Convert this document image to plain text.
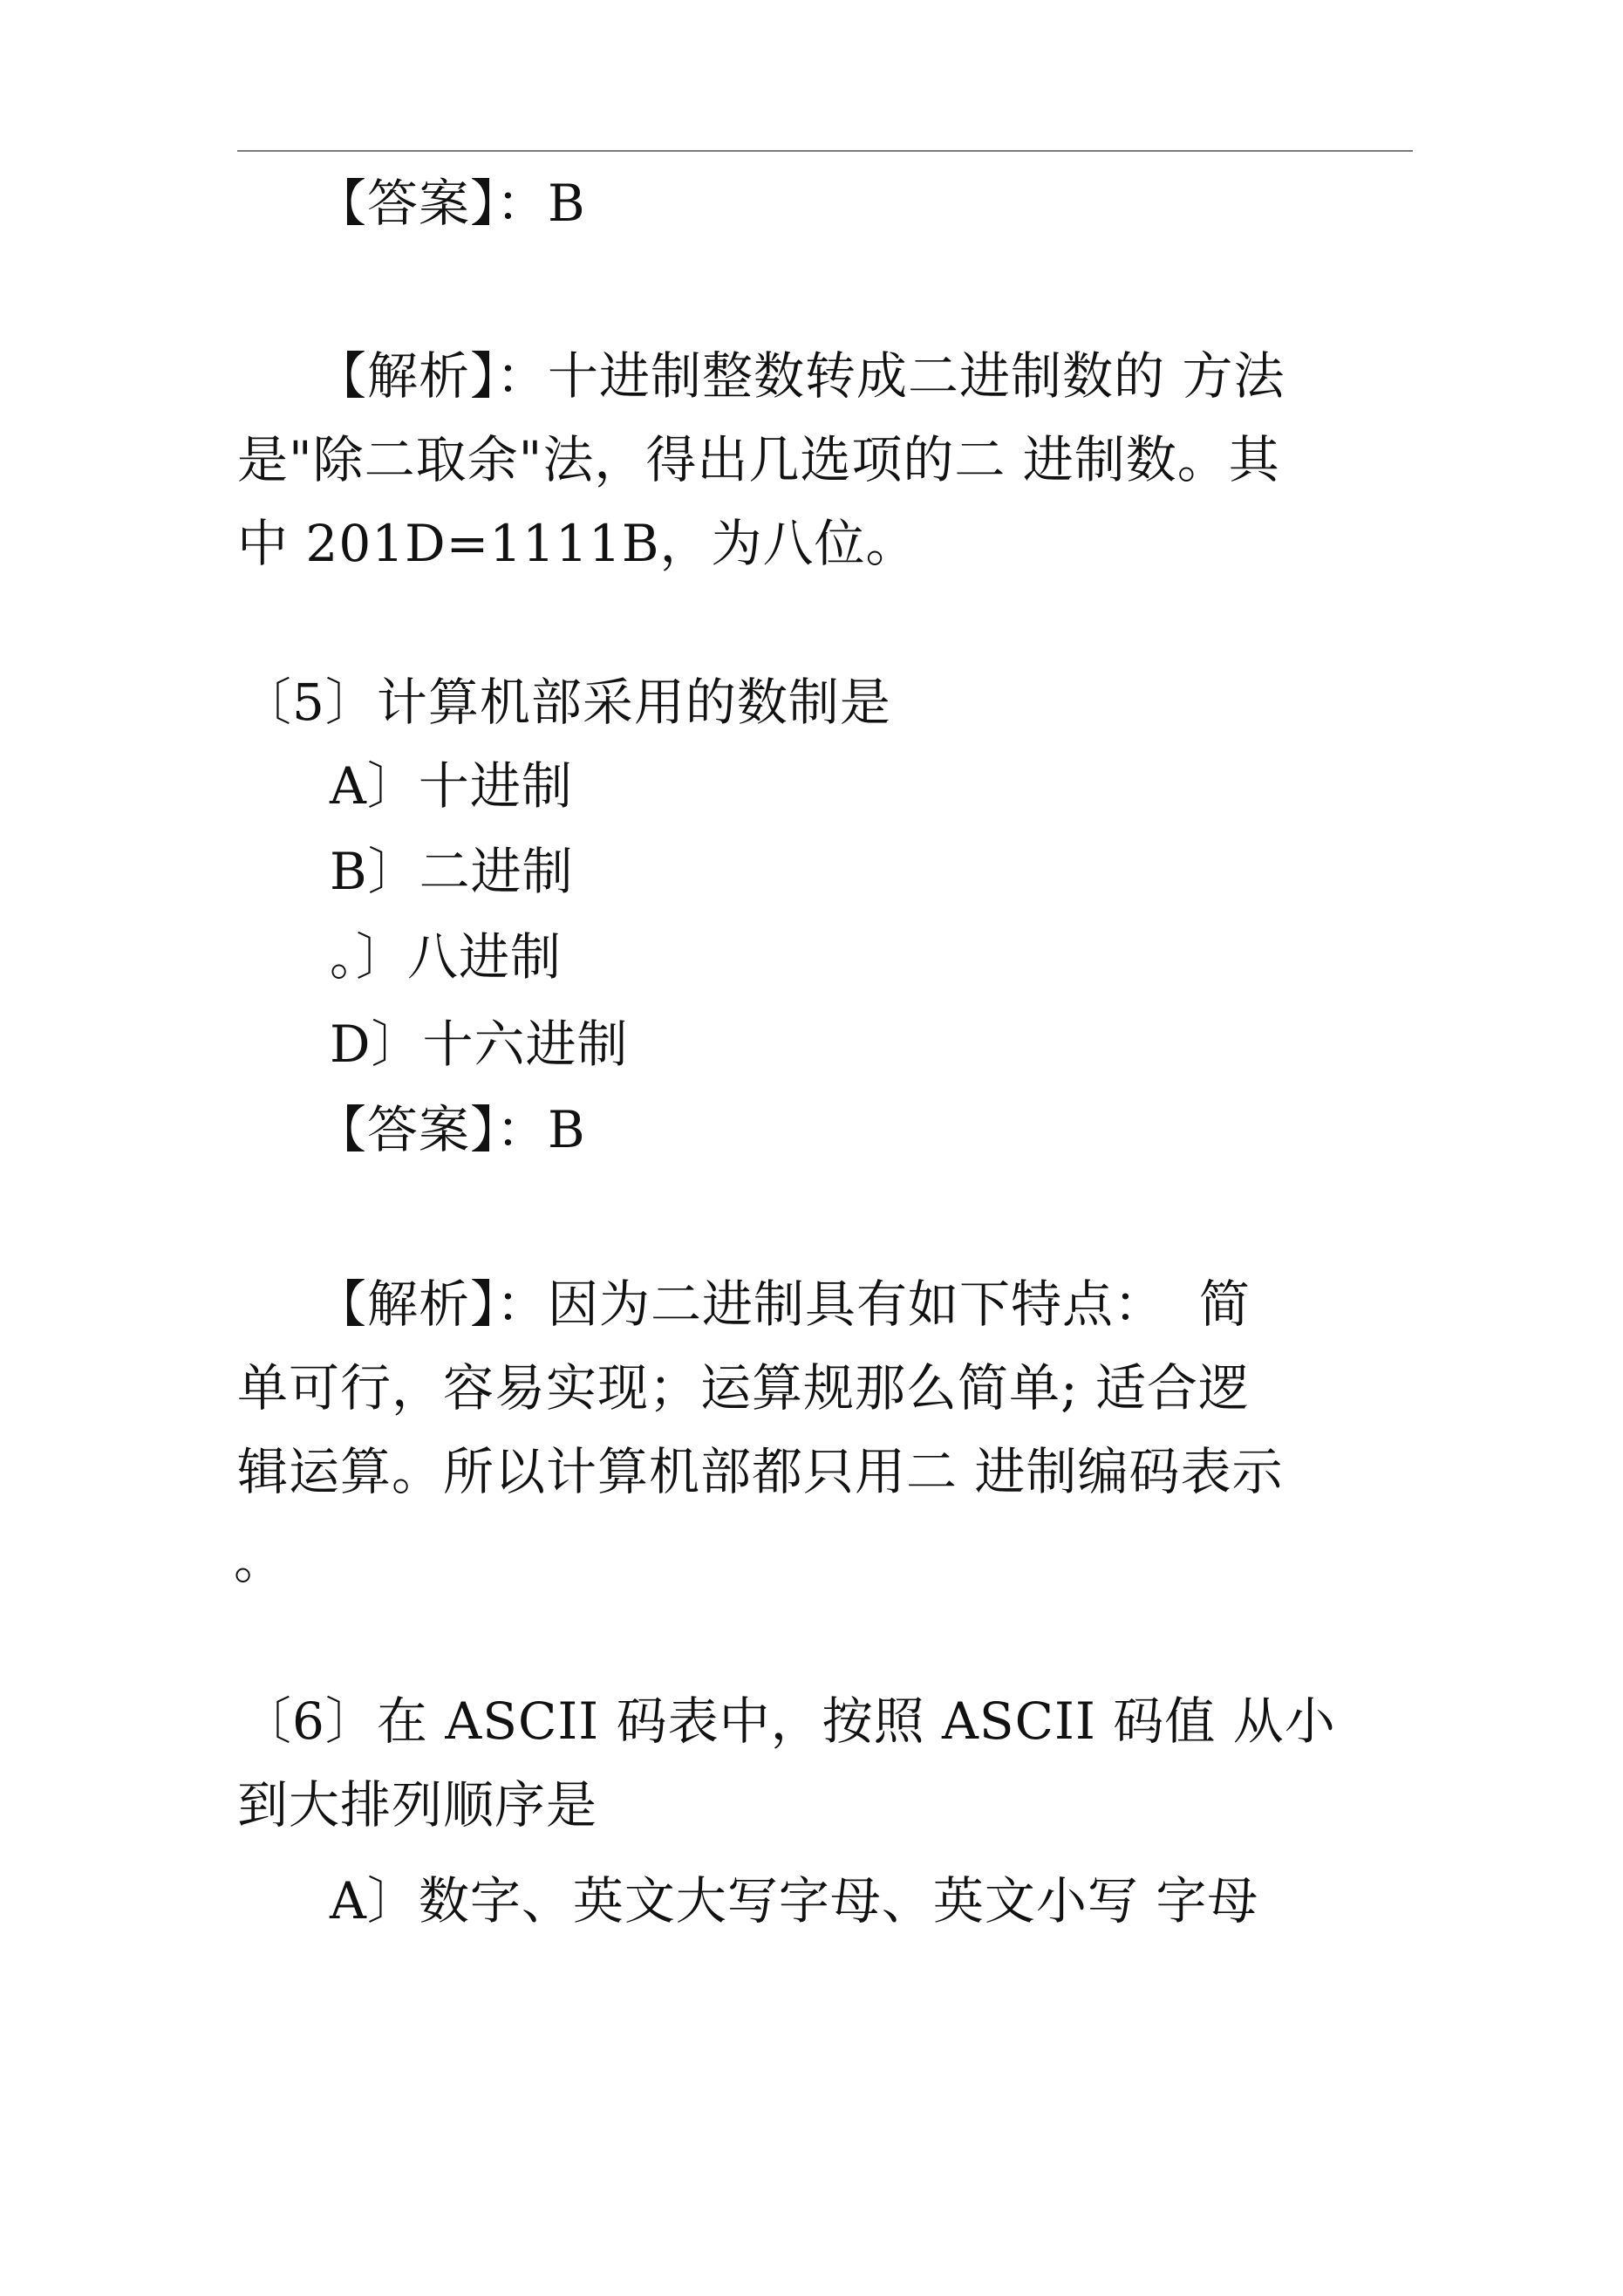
【答案】：B
【解析】：十进制整数转成二进制数的 方法
是"除二取余"法，得出几选项的二 进制数。其
中 201D=1111B，为八位。
〔5〕计算机部采用的数制是
A〕十进制
B〕二进制
。〕八进制
D〕十六进制
【答案】：B
【解析】：因为二进制具有如下特点：  简
单可行，容易实现；运算规那么简单; 适合逻
辑运算。所以计算机部都只用二 进制编码表示
。
〔6〕在 ASCII 码表中，按照 ASCII 码值 从小
到大排列顺序是
A〕数字、英文大写字母、英文小写 字母
